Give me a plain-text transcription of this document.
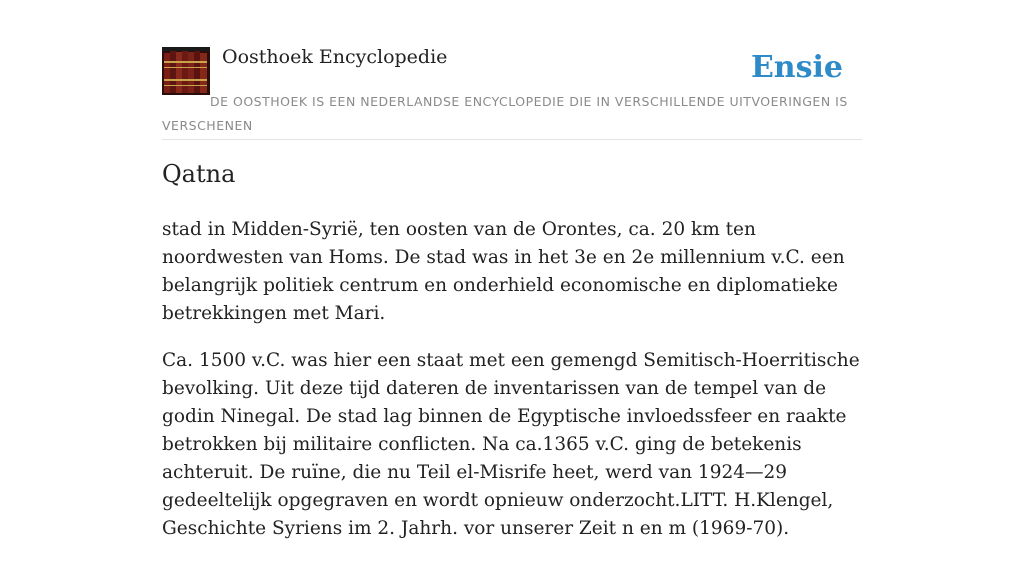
Oosthoek Encyclopedie	Ensie
DE OOSTHOEK IS EEN NEDERLANDSE ENCYCLOPEDIE DIE IN VERSCHILLENDE UITVOERINGEN IS VERSCHENEN
Qatna

stad in Midden-Syrië, ten oosten van de Orontes, ca. 20 km ten noordwesten van Homs. De stad was in het 3e en 2e millennium v.C. een belangrijk politiek centrum en onderhield economische en diplomatieke betrekkingen met Mari.

Ca. 1500 v.C. was hier een staat met een gemengd Semitisch-Hoerritische bevolking. Uit deze tijd dateren de inventarissen van de tempel van de godin Ninegal. De stad lag binnen de Egyptische invloedssfeer en raakte betrokken bij militaire conflicten. Na ca.1365 v.C. ging de betekenis achteruit. De ruïne, die nu Teil el-Misrife heet, werd van 1924—29 gedeeltelijk opgegraven en wordt opnieuw onderzocht.LITT. H.Klengel, Geschichte Syriens im 2. Jahrh. vor unserer Zeit n en m (1969-70).
